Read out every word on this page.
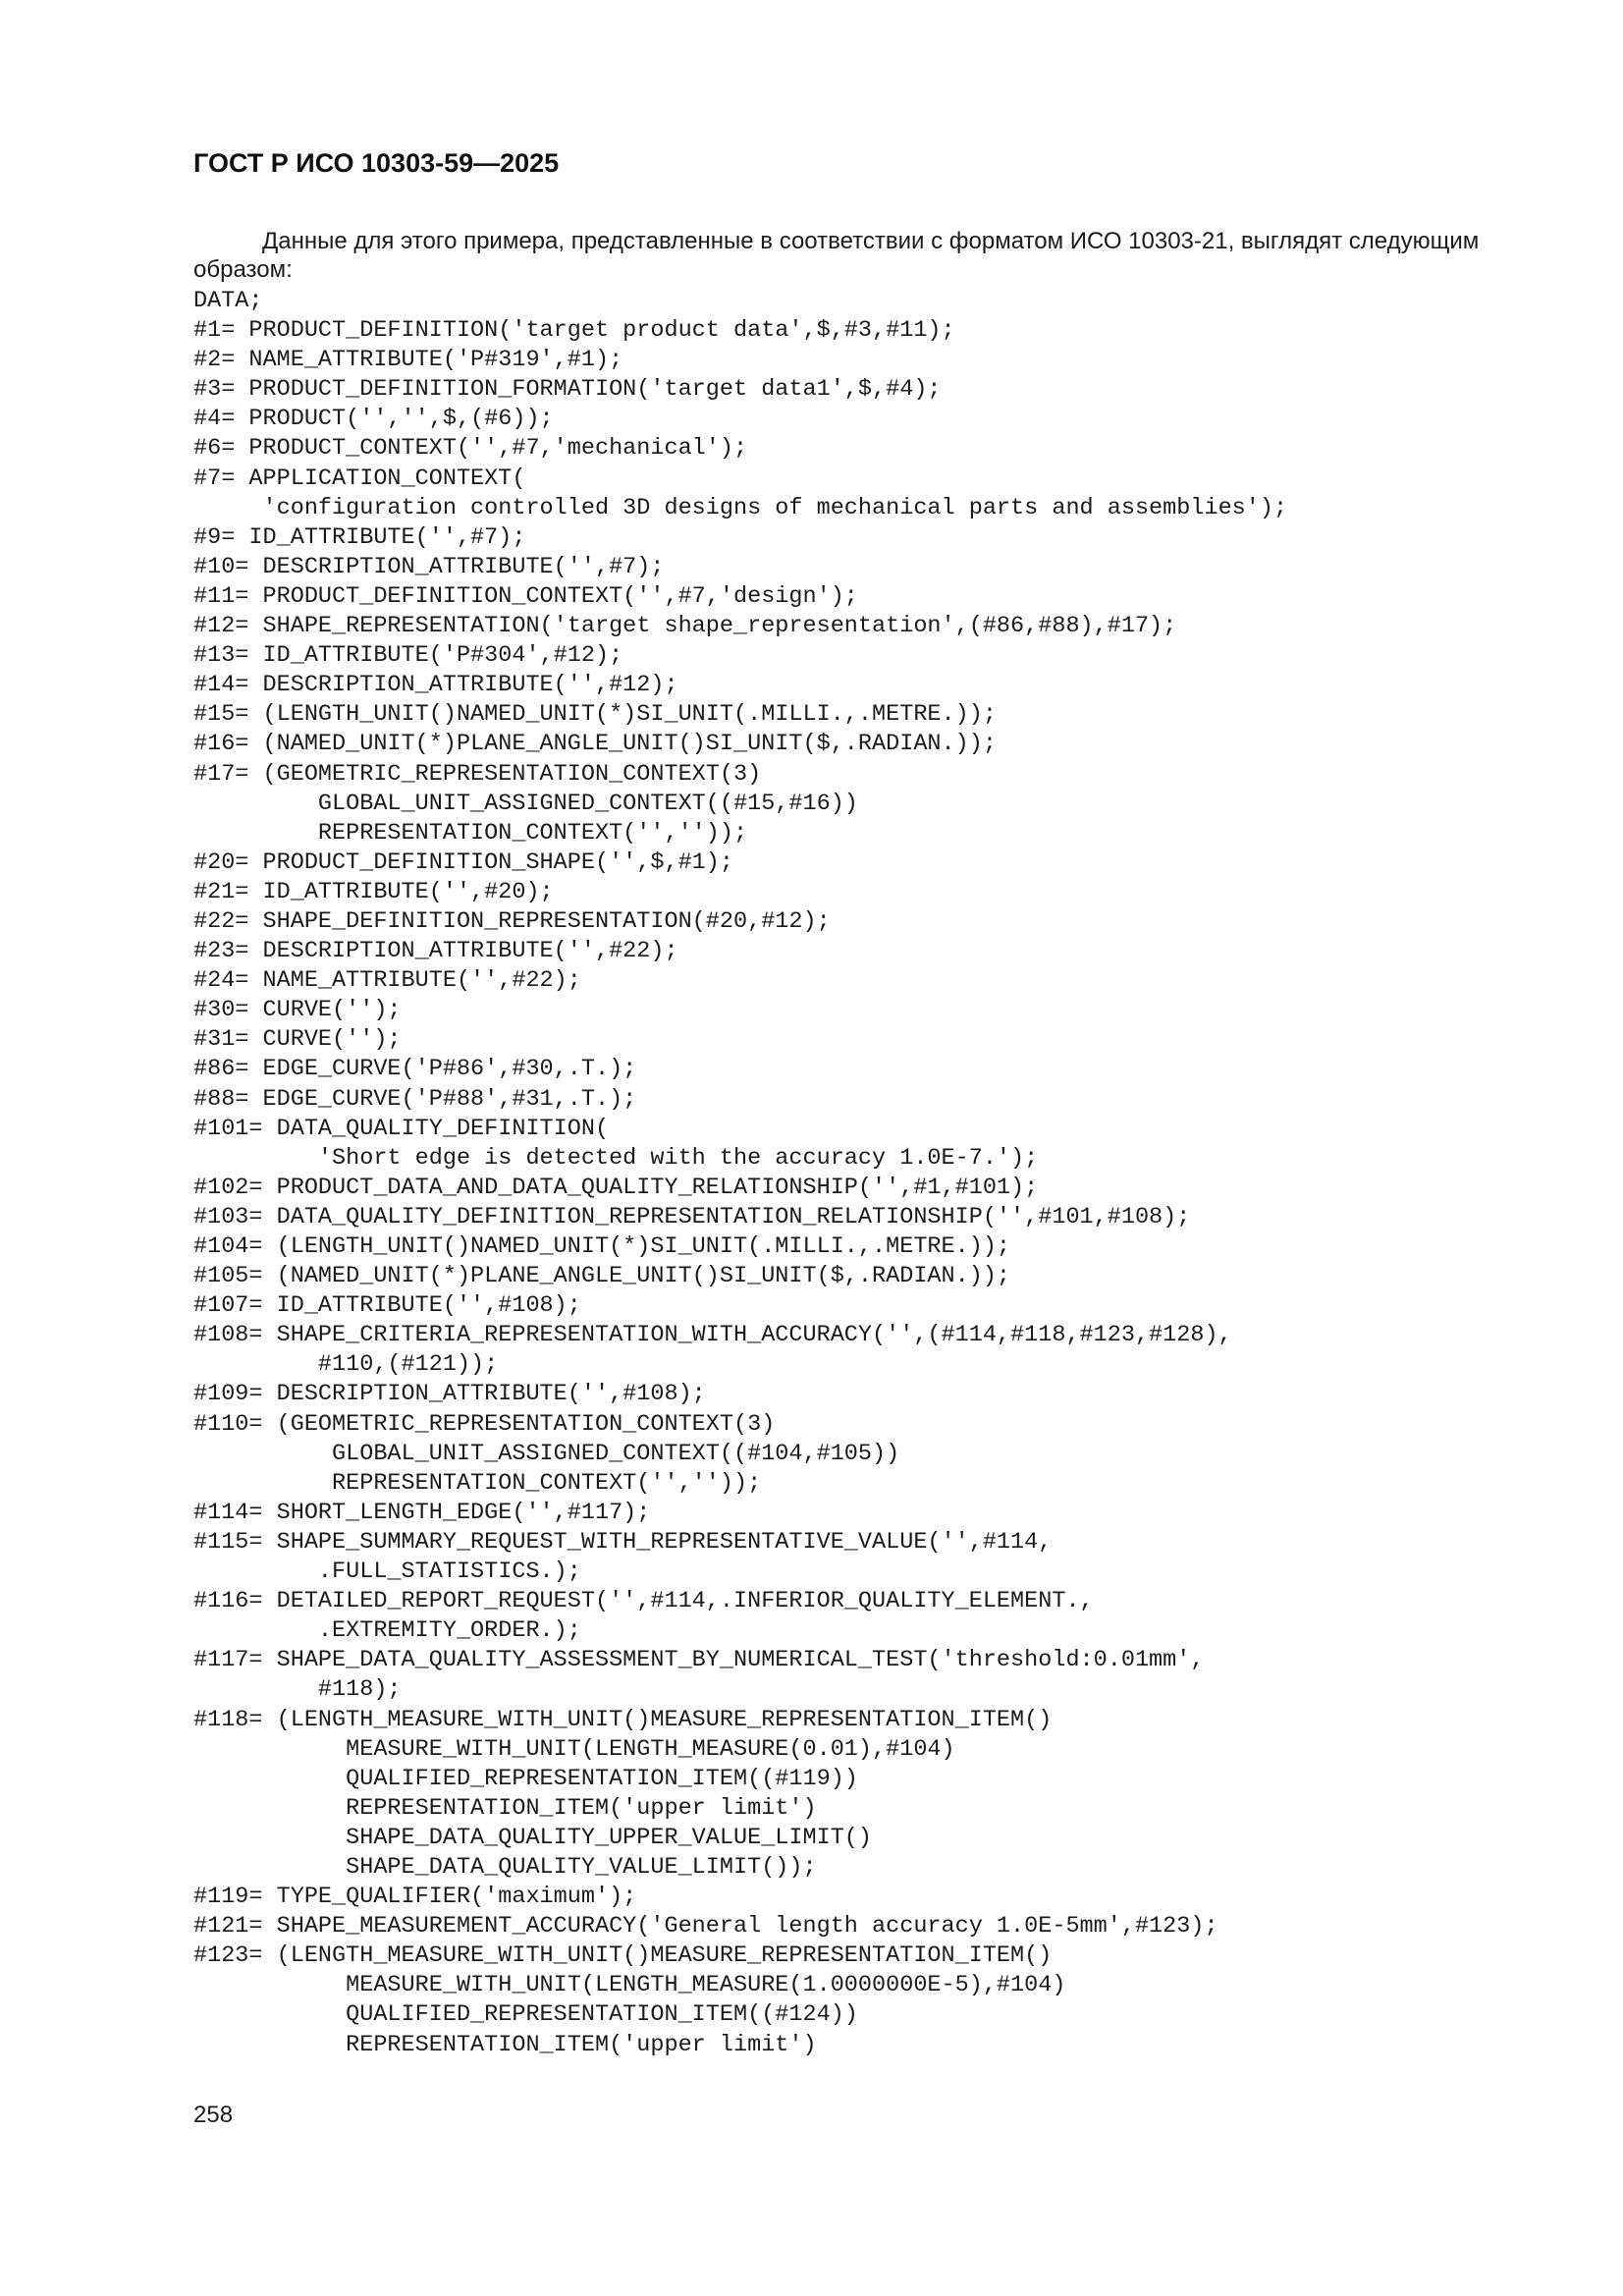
ГОСТ Р ИСО 10303-59—2025
Данные для этого примера, представленные в соответствии с форматом ИСО 10303-21, выглядят следующим образом:
DATA;
#1= PRODUCT_DEFINITION('target product data',$,#3,#11);
#2= NAME_ATTRIBUTE('P#319',#1);
#3= PRODUCT_DEFINITION_FORMATION('target data1',$,#4);
#4= PRODUCT('','',$,(#6));
#6= PRODUCT_CONTEXT('',#7,'mechanical');
#7= APPLICATION_CONTEXT(
'configuration controlled 3D designs of mechanical parts and assemblies');
#9= ID_ATTRIBUTE('',#7);
#10= DESCRIPTION_ATTRIBUTE('',#7);
#11= PRODUCT_DEFINITION_CONTEXT('',#7,'design');
#12= SHAPE_REPRESENTATION('target shape_representation',(#86,#88),#17);
#13= ID_ATTRIBUTE('P#304',#12);
#14= DESCRIPTION_ATTRIBUTE('',#12);
#15= (LENGTH_UNIT()NAMED_UNIT(*)SI_UNIT(.MILLI.,.METRE.));
#16= (NAMED_UNIT(*)PLANE_ANGLE_UNIT()SI_UNIT($,.RADIAN.));
#17= (GEOMETRIC_REPRESENTATION_CONTEXT(3)
GLOBAL_UNIT_ASSIGNED_CONTEXT((#15,#16))
REPRESENTATION_CONTEXT('',''));
#20= PRODUCT_DEFINITION_SHAPE('',$,#1);
#21= ID_ATTRIBUTE('',#20);
#22= SHAPE_DEFINITION_REPRESENTATION(#20,#12);
#23= DESCRIPTION_ATTRIBUTE('',#22);
#24= NAME_ATTRIBUTE('',#22);
#30= CURVE('');
#31= CURVE('');
#86= EDGE_CURVE('P#86',#30,.T.);
#88= EDGE_CURVE('P#88',#31,.T.);
#101= DATA_QUALITY_DEFINITION(
'Short edge is detected with the accuracy 1.0E-7.');
#102= PRODUCT_DATA_AND_DATA_QUALITY_RELATIONSHIP('',#1,#101);
#103= DATA_QUALITY_DEFINITION_REPRESENTATION_RELATIONSHIP('',#101,#108);
#104= (LENGTH_UNIT()NAMED_UNIT(*)SI_UNIT(.MILLI.,.METRE.));
#105= (NAMED_UNIT(*)PLANE_ANGLE_UNIT()SI_UNIT($,.RADIAN.));
#107= ID_ATTRIBUTE('',#108);
#108= SHAPE_CRITERIA_REPRESENTATION_WITH_ACCURACY('',(#114,#118,#123,#128),
#110,(#121));
#109= DESCRIPTION_ATTRIBUTE('',#108);
#110= (GEOMETRIC_REPRESENTATION_CONTEXT(3)
GLOBAL_UNIT_ASSIGNED_CONTEXT((#104,#105))
REPRESENTATION_CONTEXT('',''));
#114= SHORT_LENGTH_EDGE('',#117);
#115= SHAPE_SUMMARY_REQUEST_WITH_REPRESENTATIVE_VALUE('',#114,
.FULL_STATISTICS.);
#116= DETAILED_REPORT_REQUEST('',#114,.INFERIOR_QUALITY_ELEMENT.,
.EXTREMITY_ORDER.);
#117= SHAPE_DATA_QUALITY_ASSESSMENT_BY_NUMERICAL_TEST('threshold:0.01mm',
#118);
#118= (LENGTH_MEASURE_WITH_UNIT()MEASURE_REPRESENTATION_ITEM()
MEASURE_WITH_UNIT(LENGTH_MEASURE(0.01),#104)
QUALIFIED_REPRESENTATION_ITEM((#119))
REPRESENTATION_ITEM('upper limit')
SHAPE_DATA_QUALITY_UPPER_VALUE_LIMIT()
SHAPE_DATA_QUALITY_VALUE_LIMIT());
#119= TYPE_QUALIFIER('maximum');
#121= SHAPE_MEASUREMENT_ACCURACY('General length accuracy 1.0E-5mm',#123);
#123= (LENGTH_MEASURE_WITH_UNIT()MEASURE_REPRESENTATION_ITEM()
MEASURE_WITH_UNIT(LENGTH_MEASURE(1.0000000E-5),#104)
QUALIFIED_REPRESENTATION_ITEM((#124))
REPRESENTATION_ITEM('upper limit')
258
